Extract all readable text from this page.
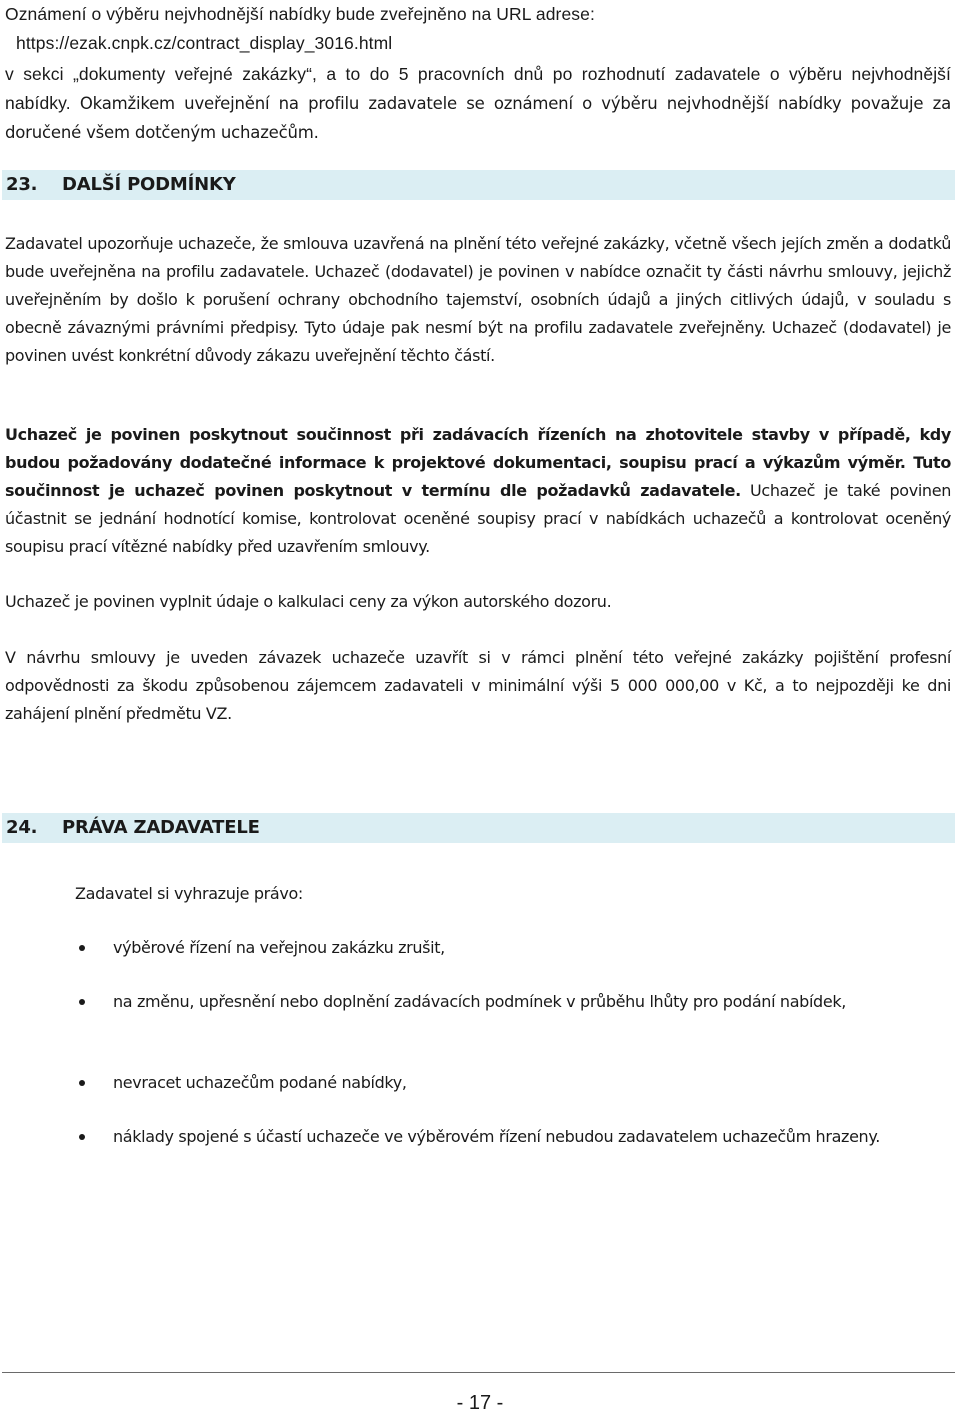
Oznámení o výběru nejvhodnější nabídky bude zveřejněno na URL adrese:

https://ezak.cnpk.cz/contract_display_3016.html

v sekci „dokumenty veřejné zakázky“, a to do 5 pracovních dnů po rozhodnutí zadavatele o výběru nejvhodnější nabídky. Okamžikem uveřejnění na profilu zadavatele se oznámení o výběru nejvhodnější nabídky považuje za doručené všem dotčeným uchazečům.

23. DALŠÍ PODMÍNKY

Zadavatel upozorňuje uchazeče, že smlouva uzavřená na plnění této veřejné zakázky, včetně všech jejích změn a dodatků bude uveřejněna na profilu zadavatele. Uchazeč (dodavatel) je povinen v nabídce označit ty části návrhu smlouvy, jejichž uveřejněním by došlo k porušení ochrany obchodního tajemství, osobních údajů a jiných citlivých údajů, v souladu s obecně závaznými právními předpisy. Tyto údaje pak nesmí být na profilu zadavatele zveřejněny. Uchazeč (dodavatel) je povinen uvést konkrétní důvody zákazu uveřejnění těchto částí.

Uchazeč je povinen poskytnout součinnost při zadávacích řízeních na zhotovitele stavby v případě, kdy budou požadovány dodatečné informace k projektové dokumentaci, soupisu prací a výkazům výměr. Tuto součinnost je uchazeč povinen poskytnout v termínu dle požadavků zadavatele. Uchazeč je také povinen účastnit se jednání hodnotící komise, kontrolovat oceněné soupisy prací v nabídkách uchazečů a kontrolovat oceněný soupisu prací vítězné nabídky před uzavřením smlouvy.

Uchazeč je povinen vyplnit údaje o kalkulaci ceny za výkon autorského dozoru.

V návrhu smlouvy je uveden závazek uchazeče uzavřít si v rámci plnění této veřejné zakázky pojištění profesní odpovědnosti za škodu způsobenou zájemcem zadavateli v minimální výši 5 000 000,00 v Kč, a to nejpozději ke dni zahájení plnění předmětu VZ.

24. PRÁVA ZADAVATELE

Zadavatel si vyhrazuje právo:

výběrové řízení na veřejnou zakázku zrušit,
na změnu, upřesnění nebo doplnění zadávacích podmínek v průběhu lhůty pro podání nabídek,
nevracet uchazečům podané nabídky,
náklady spojené s účastí uchazeče ve výběrovém řízení nebudou zadavatelem uchazečům hrazeny.
- 17 -
